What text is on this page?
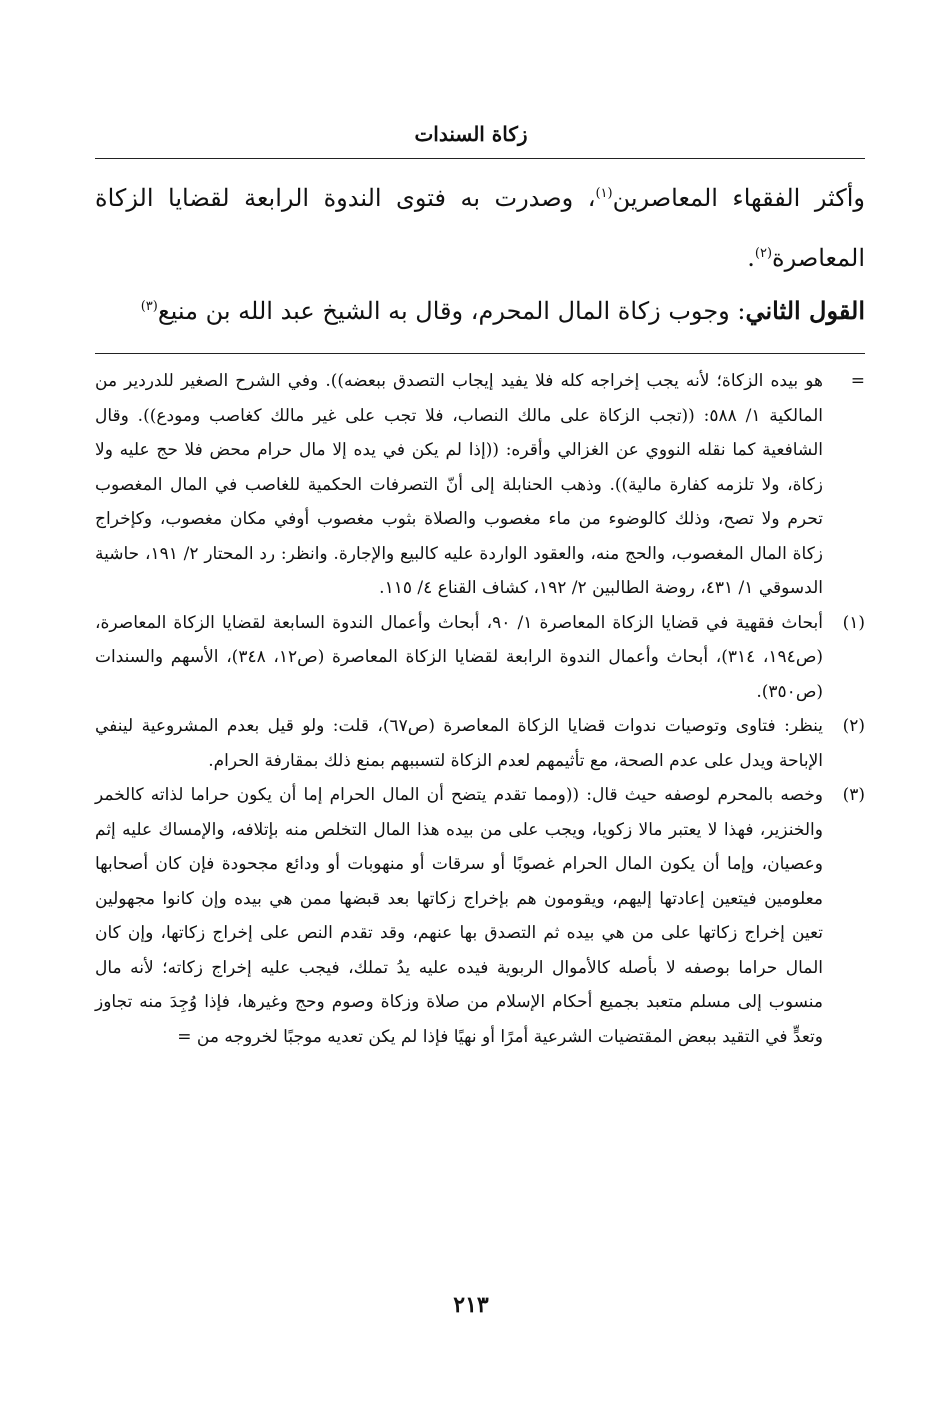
زكاة السندات

وأكثر الفقهاء المعاصرين$^{(١)}$، وصدرت به فتوى الندوة الرابعة لقضايا الزكاة المعاصرة$^{(٢)}$.

القول الثاني: وجوب زكاة المال المحرم، وقال به الشيخ عبد الله بن منيع$^{(٣)}$
=

هو بيده الزكاة؛ لأنه يجب إخراجه كله فلا يفيد إيجاب التصدق ببعضه)). وفي الشرح الصغير للدردير من المالكية ١/ ٥٨٨: ((تجب الزكاة على مالك النصاب، فلا تجب على غير مالك كغاصب ومودع)). وقال الشافعية كما نقله النووي عن الغزالي وأقره: ((إذا لم يكن في يده إلا مال حرام محض فلا حج عليه ولا زكاة، ولا تلزمه كفارة مالية)). وذهب الحنابلة إلى أنّ التصرفات الحكمية للغاصب في المال المغصوب تحرم ولا تصح، وذلك كالوضوء من ماء مغصوب والصلاة بثوب مغصوب أوفي مكان مغصوب، وكإخراج زكاة المال المغصوب، والحج منه، والعقود الواردة عليه كالبيع والإجارة. وانظر: رد المحتار ٢/ ١٩١، حاشية الدسوقي ١/ ٤٣١، روضة الطالبين ٢/ ١٩٢، كشاف القناع ٤/ ١١٥.

(١)

أبحاث فقهية في قضايا الزكاة المعاصرة ١/ ٩٠، أبحاث وأعمال الندوة السابعة لقضايا الزكاة المعاصرة، (ص١٩٤، ٣١٤)، أبحاث وأعمال الندوة الرابعة لقضايا الزكاة المعاصرة (ص١٢، ٣٤٨)، الأسهم والسندات (ص٣٥٠).

(٢)

ينظر: فتاوى وتوصيات ندوات قضايا الزكاة المعاصرة (ص٦٧)، قلت: ولو قيل بعدم المشروعية لينفي الإباحة ويدل على عدم الصحة، مع تأثيمهم لعدم الزكاة لتسببهم بمنع ذلك بمقارفة الحرام.

(٣)

وخصه بالمحرم لوصفه حيث قال: ((ومما تقدم يتضح أن المال الحرام إما أن يكون حراما لذاته كالخمر والخنزير، فهذا لا يعتبر مالا زكويا، ويجب على من بيده هذا المال التخلص منه بإتلافه، والإمساك عليه إثم وعصيان، وإما أن يكون المال الحرام غصوبًا أو سرقات أو منهوبات أو ودائع مجحودة فإن كان أصحابها معلومين فيتعين إعادتها إليهم، ويقومون هم بإخراج زكاتها بعد قبضها ممن هي بيده وإن كانوا مجهولين تعين إخراج زكاتها على من هي بيده ثم التصدق بها عنهم، وقد تقدم النص على إخراج زكاتها، وإن كان المال حراما بوصفه لا بأصله كالأموال الربوية فيده عليه يدُ تملك، فيجب عليه إخراج زكاته؛ لأنه مال منسوب إلى مسلم متعبد بجميع أحكام الإسلام من صلاة وزكاة وصوم وحج وغيرها، فإذا وُجِدَ منه تجاوز وتعدٍّ في التقيد ببعض المقتضيات الشرعية أمرًا أو نهيًا فإذا لم يكن تعديه موجبًا لخروجه من =

٢١٣
